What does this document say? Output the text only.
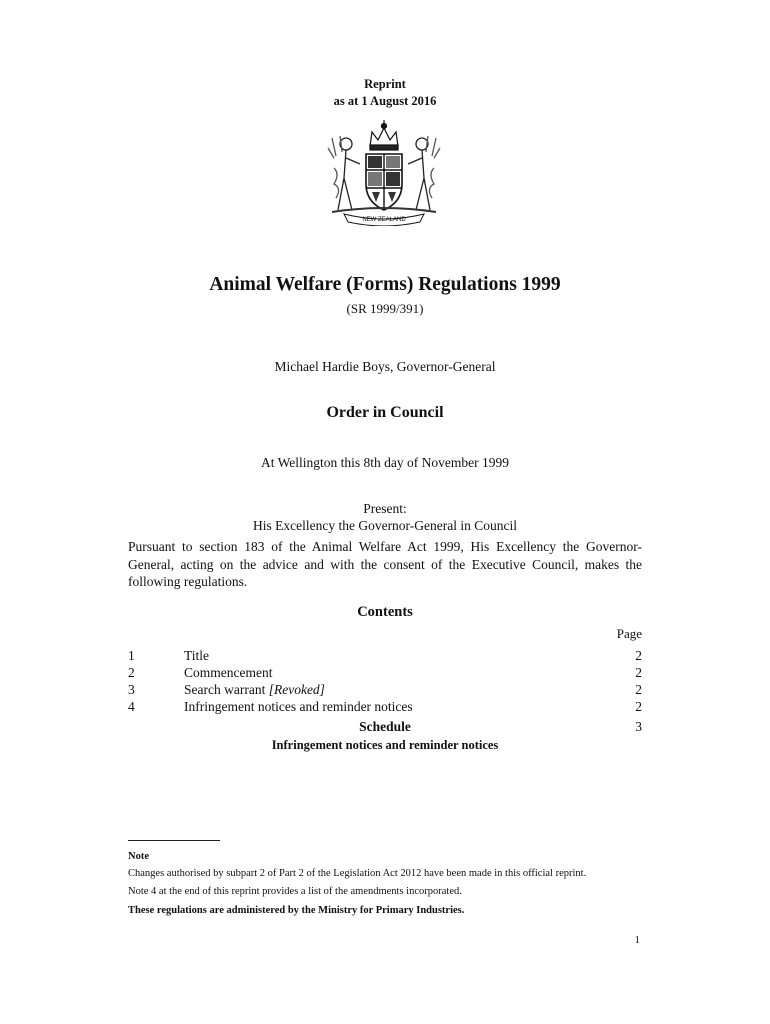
Reprint
as at 1 August 2016
NEW ZEALAND
Animal Welfare (Forms) Regulations 1999
(SR 1999/391)
Michael Hardie Boys, Governor-General
Order in Council
At Wellington this 8th day of November 1999
Present:
His Excellency the Governor-General in Council
Pursuant to section 183 of the Animal Welfare Act 1999, His Excellency the Governor-General, acting on the advice and with the consent of the Executive Council, makes the following regulations.
Contents
Page
1	Title	2
2	Commencement	2
3	Search warrant [Revoked]	2
4	Infringement notices and reminder notices	2
Schedule	3
Infringement notices and reminder notices
Note
Changes authorised by subpart 2 of Part 2 of the Legislation Act 2012 have been made in this official reprint.
Note 4 at the end of this reprint provides a list of the amendments incorporated.
These regulations are administered by the Ministry for Primary Industries.
1
